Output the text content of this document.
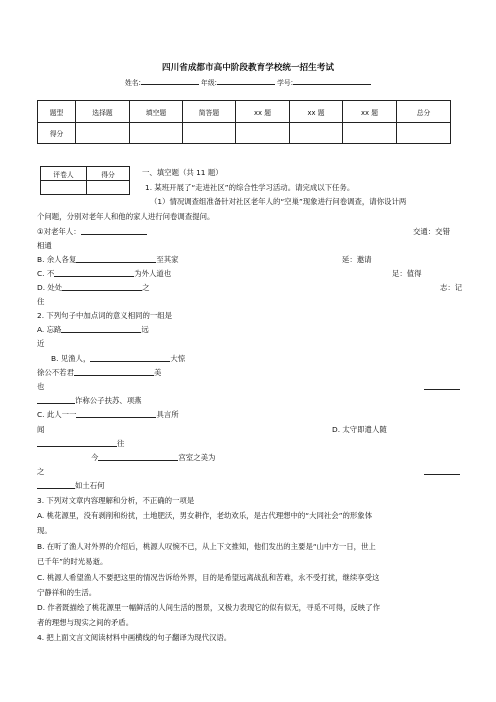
四川省成都市高中阶段教育学校统一招生考试
姓名:	年级:	学号:
题型	选择题	填空题	简答题	xx 题	xx 题	xx 题	总分
得分							
评卷人	得分
		一、填空题（共 11 题）
1. 某班开展了“走进社区”的综合性学习活动。请完成以下任务。
（1）情况调查组准备针对社区老年人的“空巢”现象进行问卷调查，请你设计两
个问题，分别对老年人和他的家人进行问卷调查提问。
①对老年人：	交通：交错
相通
B. 余人各复	至其家	延：邀请
C. 不	为外人道也	足：值得
D. 处处	之	志：记
住
2. 下列句子中加点词的意义相同的一组是
A. 忘路	远
近
B. 见渔人，	大惊
徐公不若君	美
也
诈称公子扶苏、项燕
C. 此人一一	具言所
闻	D. 太守即遣人随
往
今	宫室之美为
之
如土石何
3. 下列对文章内容理解和分析，不正确的一项是
A. 桃花源里，没有剥削和纷扰，土地肥沃，男女耕作，老幼欢乐，是古代理想中的“大同社会”的形象体
现。
B. 在听了渔人对外界的介绍后，桃源人叹惋不已，从上下文推知，他们发出的主要是“山中方一日，世上
已千年”的时光易逝。
C. 桃源人希望渔人不要把这里的情况告诉给外界，目的是希望远离战乱和苦难，永不受打扰，继续享受这
宁静祥和的生活。
D. 作者既描绘了桃花源里一幅鲜活的人间生活的图景，又极力表现它的似有似无，寻觅不可得，反映了作
者的理想与现实之间的矛盾。
4. 把上面文言文阅读材料中画横线的句子翻译为现代汉语。
